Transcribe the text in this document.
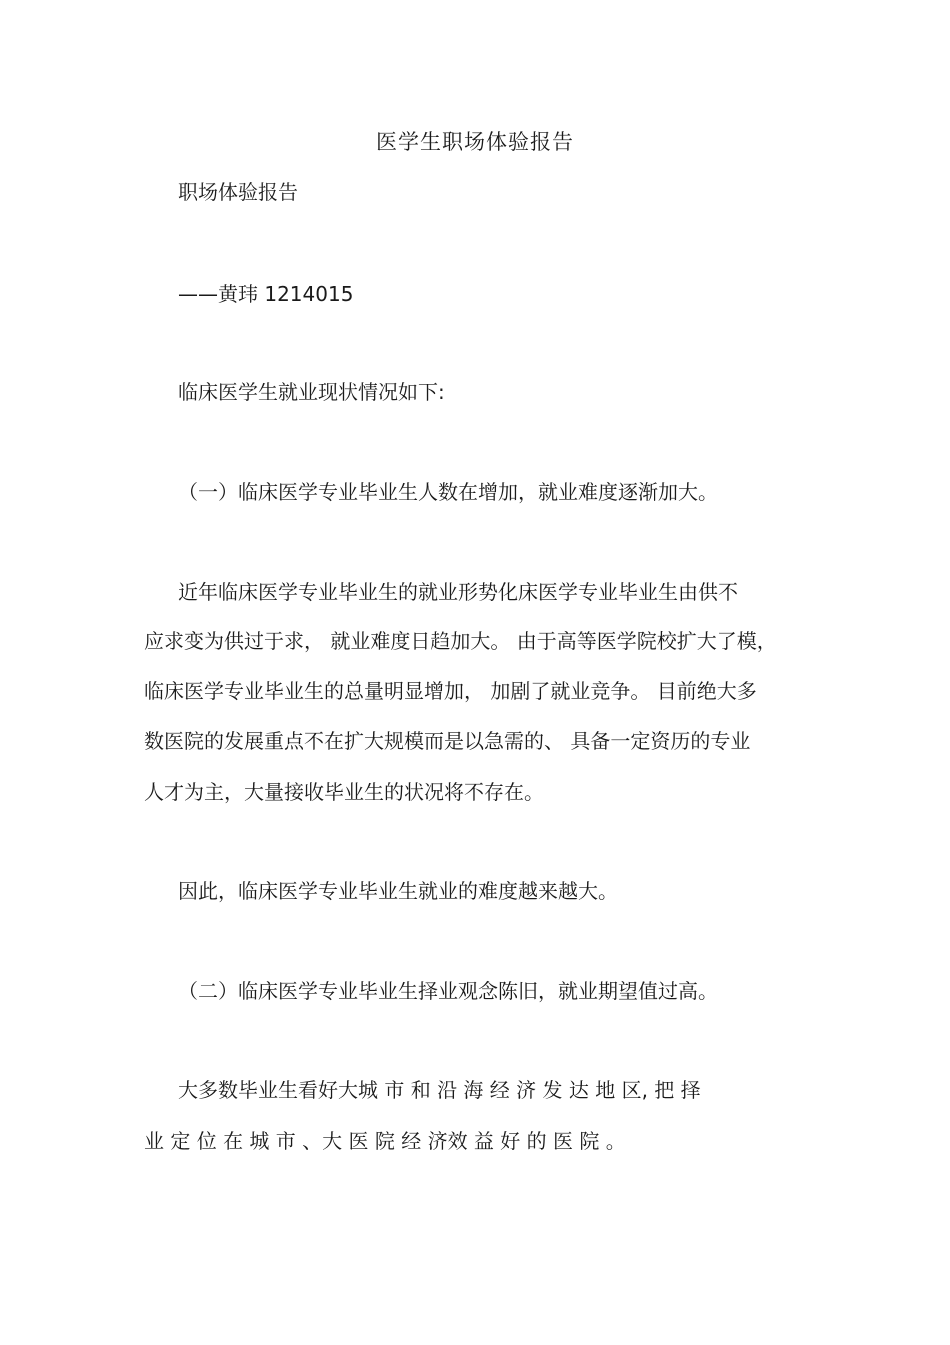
医学生职场体验报告
职场体验报告
——黄玮 1214015
临床医学生就业现状情况如下:
（一）临床医学专业毕业生人数在增加，就业难度逐渐加大。
近年临床医学专业毕业生的就业形势化床医学专业毕业生由供不
应求变为供过于求， 就业难度日趋加大。 由于高等医学院校扩大了模，
临床医学专业毕业生的总量明显增加， 加剧了就业竞争。 目前绝大多
数医院的发展重点不在扩大规模而是以急需的、 具备一定资历的专业
人才为主，大量接收毕业生的状况将不存在。
因此，临床医学专业毕业生就业的难度越来越大。
（二）临床医学专业毕业生择业观念陈旧，就业期望值过高。
大多数毕业生看好大城 市 和 沿 海 经 济 发 达 地 区, 把 择
业 定 位 在 城 市 、大 医 院 经 济效 益 好 的 医 院 。
